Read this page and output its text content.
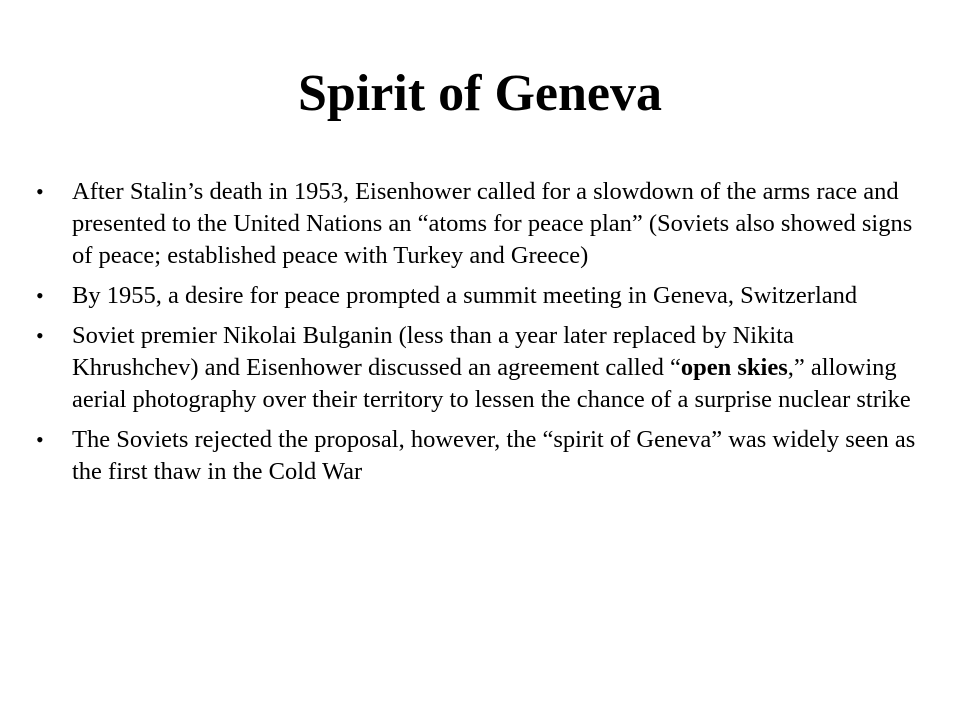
Spirit of Geneva
•	After Stalin’s death in 1953, Eisenhower called for a slowdown of the arms race and presented to the United Nations an “atoms for peace plan” (Soviets also showed signs of peace; established peace with Turkey and Greece)
•	By 1955, a desire for peace prompted a summit meeting in Geneva, Switzerland
•	Soviet premier Nikolai Bulganin (less than a year later replaced by Nikita Khrushchev) and Eisenhower discussed an agreement called “open skies,” allowing aerial photography over their territory to lessen the chance of a surprise nuclear strike
•	The Soviets rejected the proposal, however, the “spirit of Geneva” was widely seen as the first thaw in the Cold War
